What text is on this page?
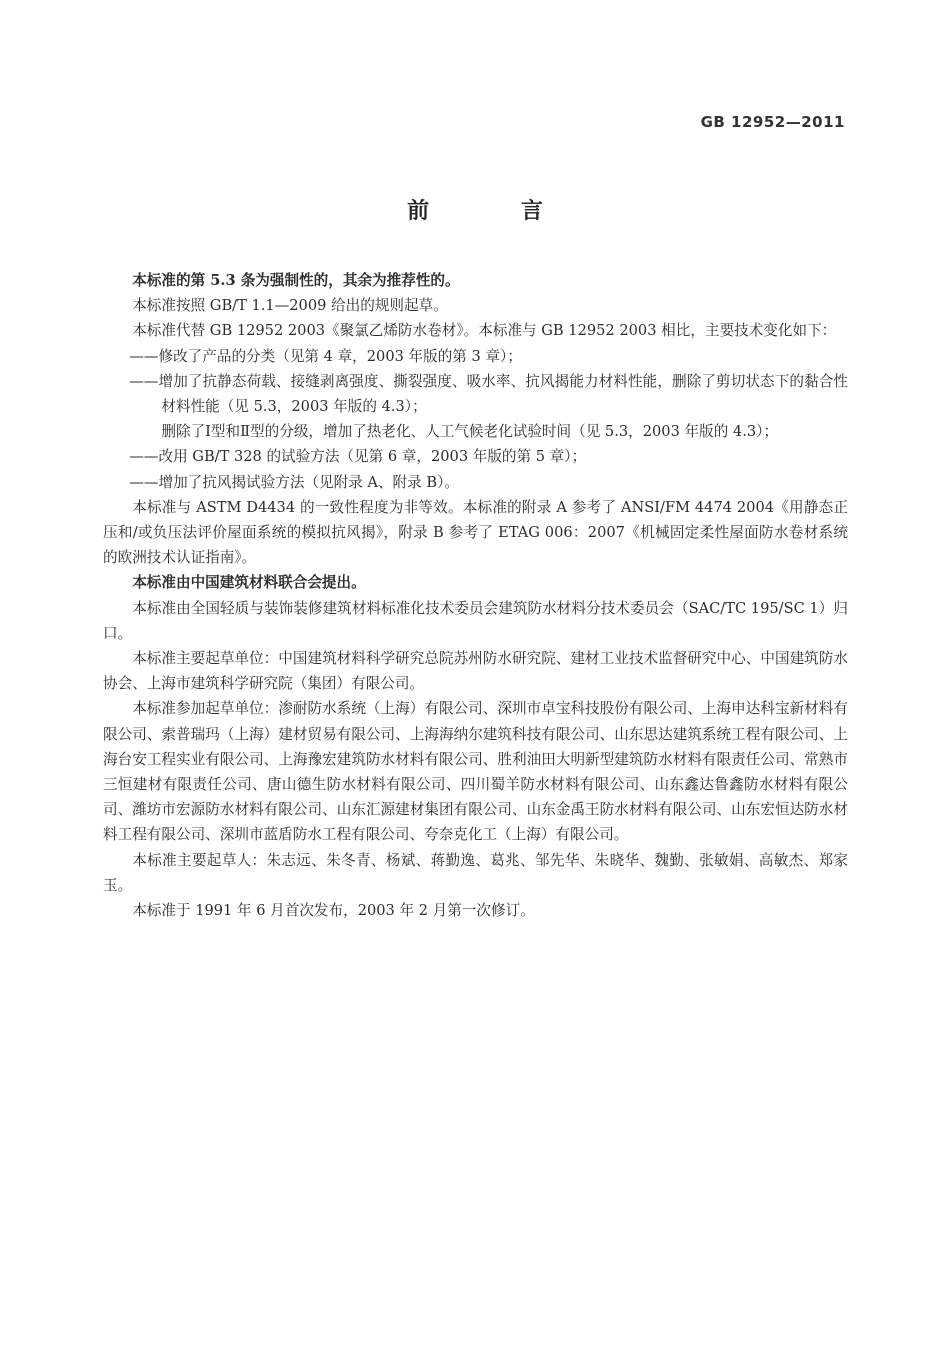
GB 12952—2011
前 言

本标准的第 5.3 条为强制性的，其余为推荐性的。

本标准按照 GB/T 1.1—2009 给出的规则起草。

本标准代替 GB 12952 2003《聚氯乙烯防水卷材》。本标准与 GB 12952 2003 相比，主要技术变化如下：

——修改了产品的分类（见第 4 章，2003 年版的第 3 章）；

——增加了抗静态荷载、接缝剥离强度、撕裂强度、吸水率、抗风揭能力材料性能，删除了剪切状态下的黏合性材料性能（见 5.3，2003 年版的 4.3）；

删除了Ⅰ型和Ⅱ型的分级，增加了热老化、人工气候老化试验时间（见 5.3，2003 年版的 4.3）；

——改用 GB/T 328 的试验方法（见第 6 章，2003 年版的第 5 章）；

——增加了抗风揭试验方法（见附录 A、附录 B）。

本标准与 ASTM D4434 的一致性程度为非等效。本标准的附录 A 参考了 ANSI/FM 4474 2004《用静态正压和/或负压法评价屋面系统的模拟抗风揭》，附录 B 参考了 ETAG 006：2007《机械固定柔性屋面防水卷材系统的欧洲技术认证指南》。

本标准由中国建筑材料联合会提出。

本标准由全国轻质与装饰装修建筑材料标准化技术委员会建筑防水材料分技术委员会（SAC/TC 195/SC 1）归口。

本标准主要起草单位：中国建筑材料科学研究总院苏州防水研究院、建材工业技术监督研究中心、中国建筑防水协会、上海市建筑科学研究院（集团）有限公司。

本标准参加起草单位：渗耐防水系统（上海）有限公司、深圳市卓宝科技股份有限公司、上海申达科宝新材料有限公司、索普瑞玛（上海）建材贸易有限公司、上海海纳尔建筑科技有限公司、山东思达建筑系统工程有限公司、上海台安工程实业有限公司、上海豫宏建筑防水材料有限公司、胜利油田大明新型建筑防水材料有限责任公司、常熟市三恒建材有限责任公司、唐山德生防水材料有限公司、四川蜀羊防水材料有限公司、山东鑫达鲁鑫防水材料有限公司、潍坊市宏源防水材料有限公司、山东汇源建材集团有限公司、山东金禹王防水材料有限公司、山东宏恒达防水材料工程有限公司、深圳市蓝盾防水工程有限公司、夸奈克化工（上海）有限公司。

本标准主要起草人：朱志远、朱冬青、杨斌、蒋勤逸、葛兆、邹先华、朱晓华、魏勤、张敏娟、高敏杰、郑家玉。

本标准于 1991 年 6 月首次发布，2003 年 2 月第一次修订。
